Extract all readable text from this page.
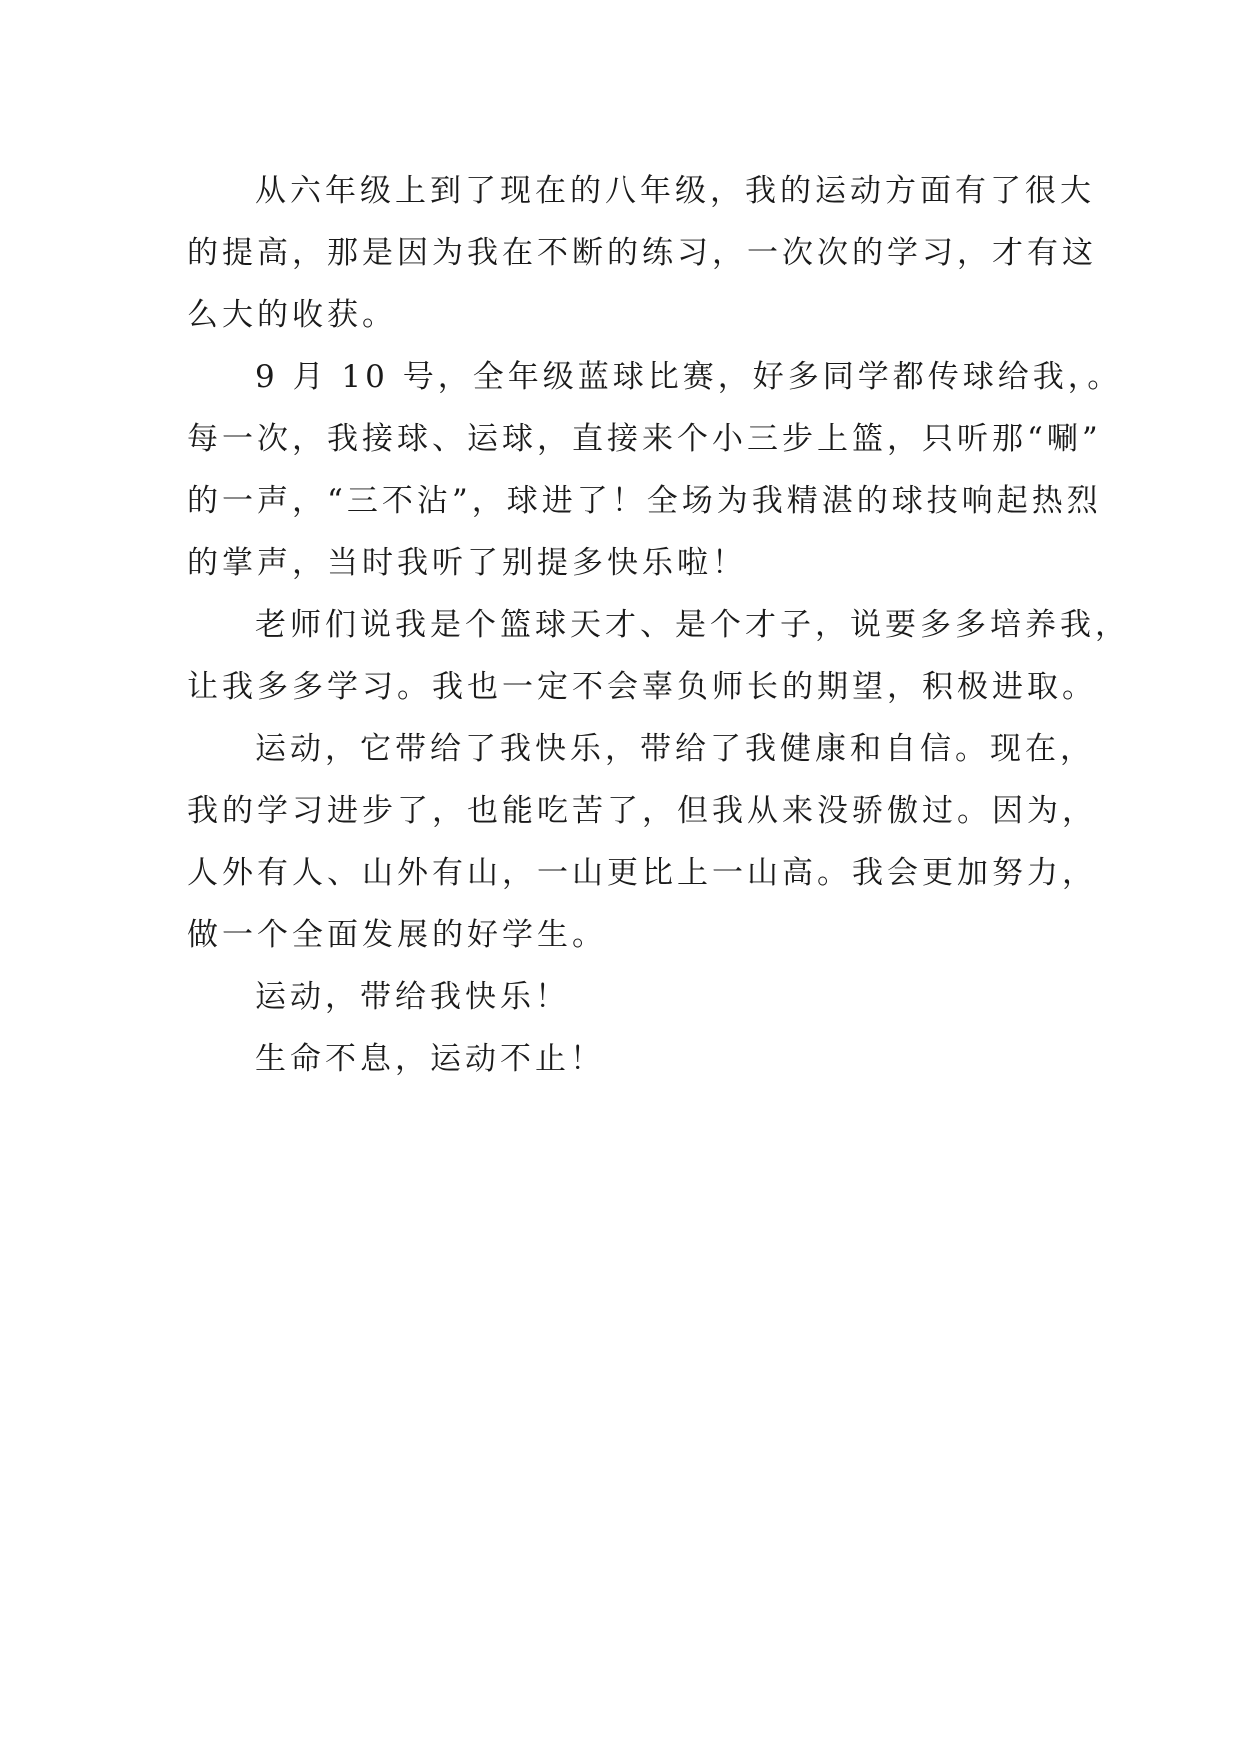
从六年级上到了现在的八年级，我的运动方面有了很大
的提高，那是因为我在不断的练习，一次次的学习，才有这
么大的收获。
9 月 10 号，全年级蓝球比赛，好多同学都传球给我，。
每一次，我接球、运球，直接来个小三步上篮，只听那“唰”
的一声，“三不沾”，球进了！全场为我精湛的球技响起热烈
的掌声，当时我听了别提多快乐啦！
老师们说我是个篮球天才、是个才子，说要多多培养我，
让我多多学习。我也一定不会辜负师长的期望，积极进取。
运动，它带给了我快乐，带给了我健康和自信。现在，
我的学习进步了，也能吃苦了，但我从来没骄傲过。因为，
人外有人、山外有山，一山更比上一山高。我会更加努力，
做一个全面发展的好学生。
运动，带给我快乐！
生命不息，运动不止！
